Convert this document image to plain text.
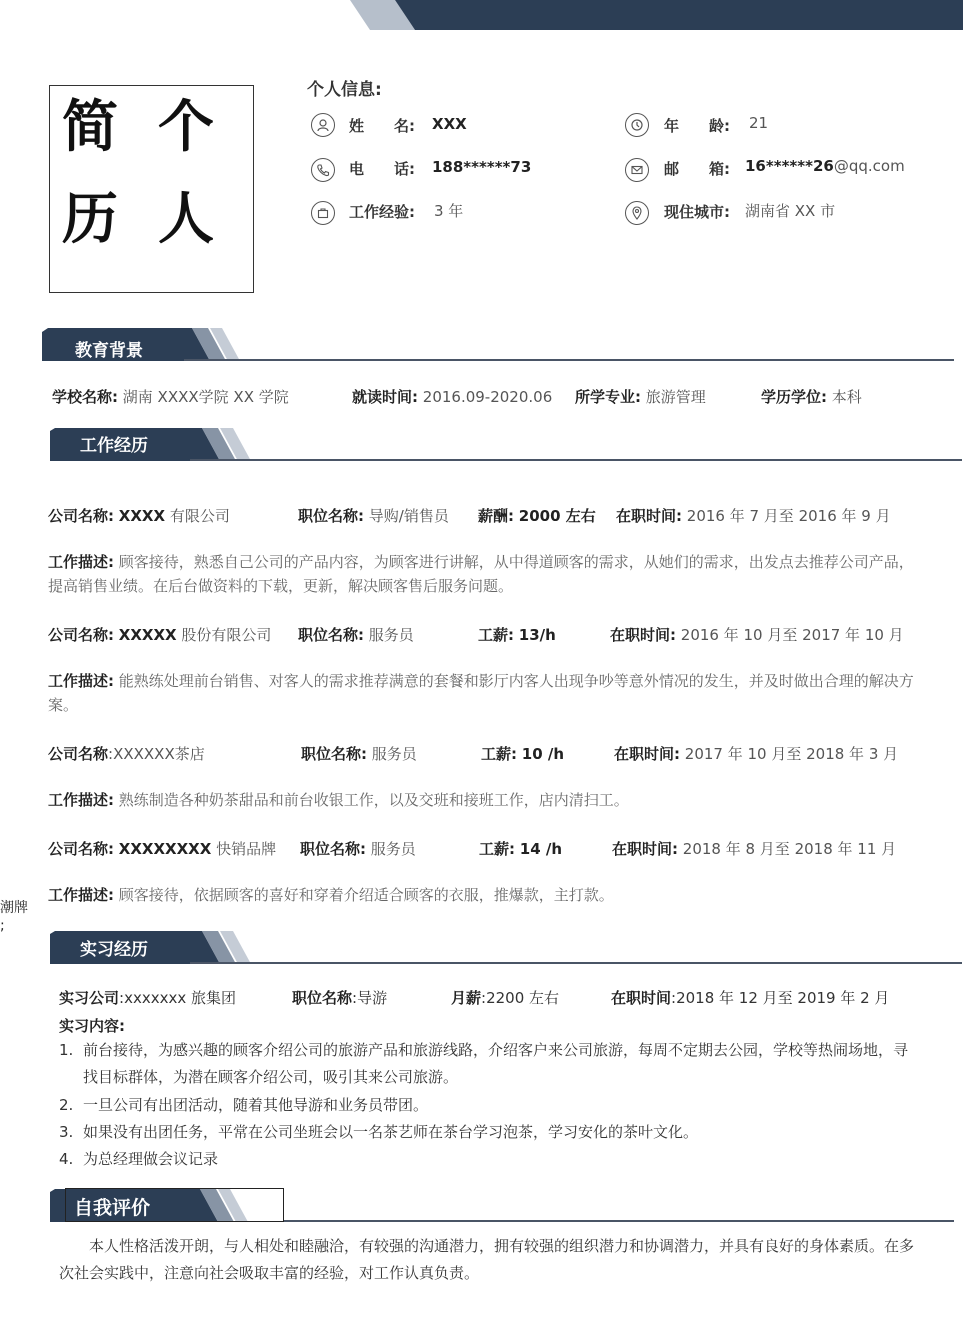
简 个
历 人
个人信息:
姓　　名: XXX	年　　龄: 21
电　　话: 188******73	邮　　箱: 16******26@qq.com
工作经验: 3 年	现住城市: 湖南省 XX 市
教育背景
学校名称: 湖南 XXXX学院 XX 学院	就读时间: 2016.09-2020.06 所学专业: 旅游管理	学历学位: 本科
工作经历
公司名称: XXXX 有限公司	职位名称: 导购/销售员 薪酬: 2000 左右 在职时间: 2016 年 7 月至 2016 年 9 月
工作描述: 顾客接待，熟悉自己公司的产品内容，为顾客进行讲解，从中得道顾客的需求，从她们的需求，出发点去推荐公司产品，提高销售业绩。在后台做资料的下载，更新，解决顾客售后服务问题。
公司名称: XXXXX 股份有限公司 职位名称: 服务员	工薪: 13/h	在职时间: 2016 年 10 月至 2017 年 10 月
工作描述: 能熟练处理前台销售、对客人的需求推荐满意的套餐和影厅内客人出现争吵等意外情况的发生，并及时做出合理的解决方案。
公司名称:XXXXXX茶店	职位名称: 服务员	工薪: 10 /h	在职时间: 2017 年 10 月至 2018 年 3 月
工作描述: 熟练制造各种奶茶甜品和前台收银工作，以及交班和接班工作，店内清扫工。
公司名称: XXXXXXXX 快销品牌 职位名称: 服务员	工薪: 14 /h	在职时间: 2018 年 8 月至 2018 年 11 月
工作描述: 顾客接待，依据顾客的喜好和穿着介绍适合顾客的衣服，推爆款，主打款。
潮牌
;
实习经历
实习公司:xxxxxxx 旅集团	职位名称:导游	月薪:2200 左右	在职时间:2018 年 12 月至 2019 年 2 月
实习内容:
1. 前台接待，为感兴趣的顾客介绍公司的旅游产品和旅游线路，介绍客户来公司旅游，每周不定期去公园，学校等热闹场地，寻找目标群体，为潜在顾客介绍公司，吸引其来公司旅游。
2. 一旦公司有出团活动，随着其他导游和业务员带团。
3. 如果没有出团任务，平常在公司坐班会以一名茶艺师在茶台学习泡茶，学习安化的茶叶文化。
4. 为总经理做会议记录
自我评价
本人性格活泼开朗，与人相处和睦融洽，有较强的沟通潜力，拥有较强的组织潜力和协调潜力，并具有良好的身体素质。在多次社会实践中，注意向社会吸取丰富的经验，对工作认真负责。
